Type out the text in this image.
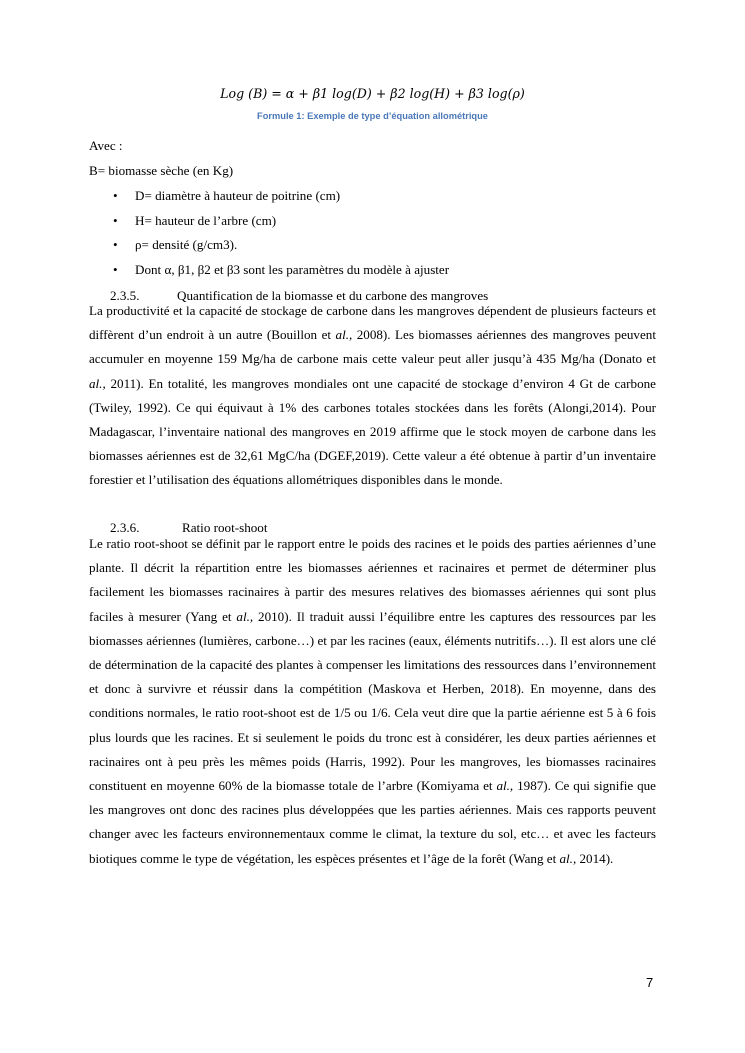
Log (B) = α + β1 log(D) + β2 log(H) + β3 log(ρ)
Formule 1: Exemple de type d’équation allométrique
Avec :
B= biomasse sèche (en Kg)
• D= diamètre à hauteur de poitrine (cm)
• H= hauteur de l’arbre (cm)
• ρ= densité (g/cm3).
• Dont α, β1, β2 et β3 sont les paramètres du modèle à ajuster
2.3.5.	Quantification de la biomasse et du carbone des mangroves

La productivité et la capacité de stockage de carbone dans les mangroves dépendent de plusieurs facteurs et diffèrent d’un endroit à un autre (Bouillon et al., 2008). Les biomasses aériennes des mangroves peuvent accumuler en moyenne 159 Mg/ha de carbone mais cette valeur peut aller jusqu’à 435 Mg/ha (Donato et al., 2011). En totalité, les mangroves mondiales ont une capacité de stockage d’environ 4 Gt de carbone (Twiley, 1992). Ce qui équivaut à 1% des carbones totales stockées dans les forêts (Alongi,2014). Pour Madagascar, l’inventaire national des mangroves en 2019 affirme que le stock moyen de carbone dans les biomasses aériennes est de 32,61 MgC/ha (DGEF,2019). Cette valeur a été obtenue à partir d’un inventaire forestier et l’utilisation des équations allométriques disponibles dans le monde.

2.3.6.	Ratio root-shoot

Le ratio root-shoot se définit par le rapport entre le poids des racines et le poids des parties aériennes d’une plante. Il décrit la répartition entre les biomasses aériennes et racinaires et permet de déterminer plus facilement les biomasses racinaires à partir des mesures relatives des biomasses aériennes qui sont plus faciles à mesurer (Yang et al., 2010). Il traduit aussi l’équilibre entre les captures des ressources par les biomasses aériennes (lumières, carbone…) et par les racines (eaux, éléments nutritifs…). Il est alors une clé de détermination de la capacité des plantes à compenser les limitations des ressources dans l’environnement et donc à survivre et réussir dans la compétition (Maskova et Herben, 2018). En moyenne, dans des conditions normales, le ratio root-shoot est de 1/5 ou 1/6. Cela veut dire que la partie aérienne est 5 à 6 fois plus lourds que les racines. Et si seulement le poids du tronc est à considérer, les deux parties aériennes et racinaires ont à peu près les mêmes poids (Harris, 1992). Pour les mangroves, les biomasses racinaires constituent en moyenne 60% de la biomasse totale de l’arbre (Komiyama et al., 1987). Ce qui signifie que les mangroves ont donc des racines plus développées que les parties aériennes. Mais ces rapports peuvent changer avec les facteurs environnementaux comme le climat, la texture du sol, etc… et avec les facteurs biotiques comme le type de végétation, les espèces présentes et l’âge de la forêt (Wang et al., 2014).

7
